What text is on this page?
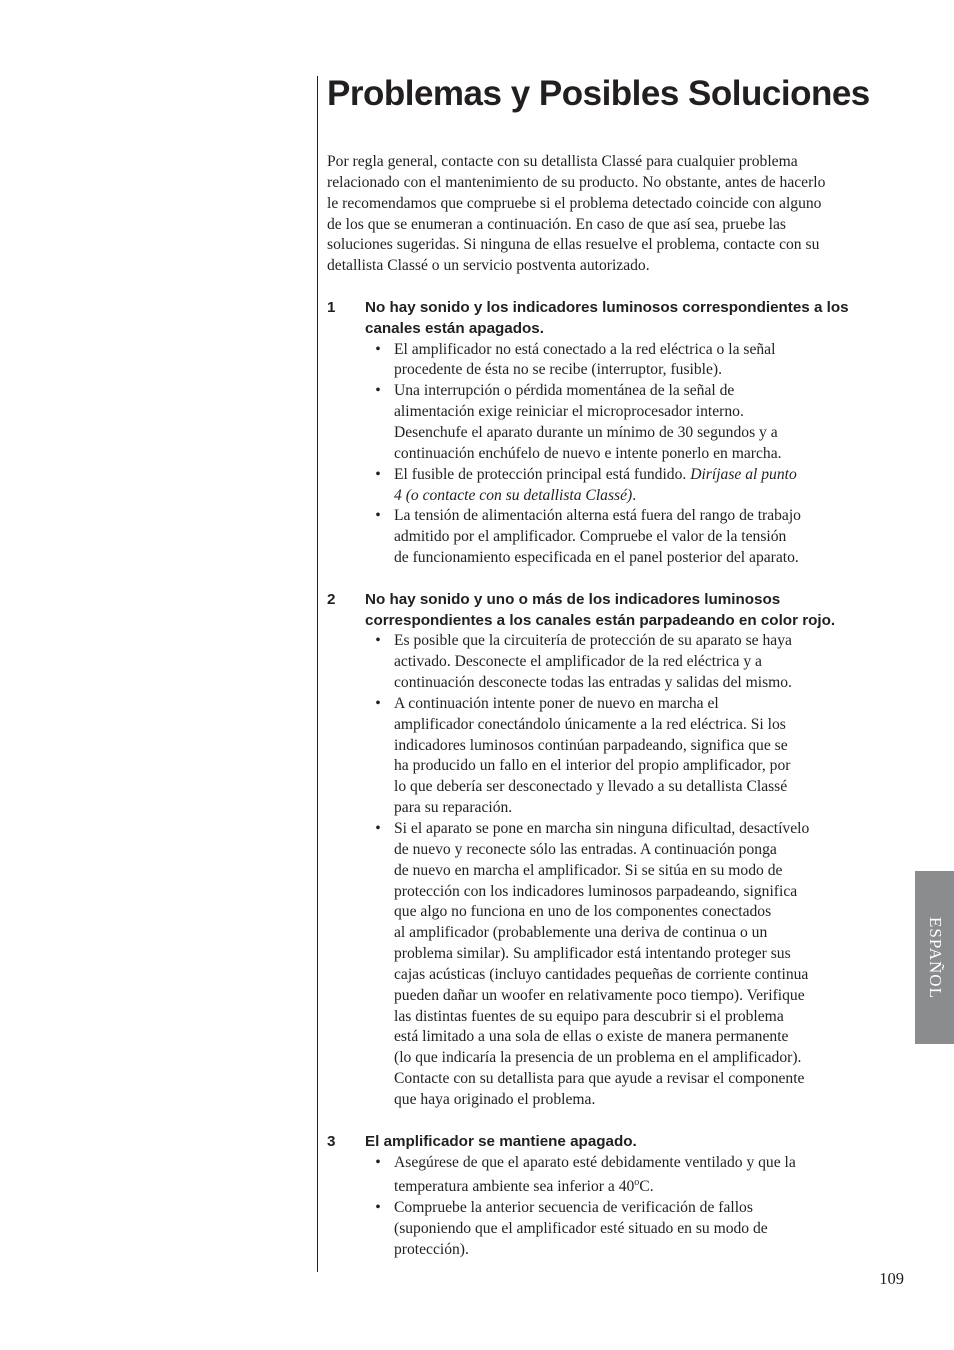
Problemas y Posibles Soluciones

Por regla general, contacte con su detallista Classé para cualquier problema
relacionado con el mantenimiento de su producto. No obstante, antes de hacerlo
le recomendamos que compruebe si el problema detectado coincide con alguno
de los que se enumeran a continuación. En caso de que así sea, pruebe las
soluciones sugeridas. Si ninguna de ellas resuelve el problema, contacte con su
detallista Classé o un servicio postventa autorizado.

1	No hay sonido y los indicadores luminosos correspondientes a los
canales están apagados.
• El amplificador no está conectado a la red eléctrica o la señal
procedente de ésta no se recibe (interruptor, fusible).
• Una interrupción o pérdida momentánea de la señal de
alimentación exige reiniciar el microprocesador interno.
Desenchufe el aparato durante un mínimo de 30 segundos y a
continuación enchúfelo de nuevo e intente ponerlo en marcha.
• El fusible de protección principal está fundido. Diríjase al punto
4 (o contacte con su detallista Classé).
• La tensión de alimentación alterna está fuera del rango de trabajo
admitido por el amplificador. Compruebe el valor de la tensión
de funcionamiento especificada en el panel posterior del aparato.
2	No hay sonido y uno o más de los indicadores luminosos
correspondientes a los canales están parpadeando en color rojo.
• Es posible que la circuitería de protección de su aparato se haya
activado. Desconecte el amplificador de la red eléctrica y a
continuación desconecte todas las entradas y salidas del mismo.
• A continuación intente poner de nuevo en marcha el
amplificador conectándolo únicamente a la red eléctrica. Si los
indicadores luminosos continúan parpadeando, significa que se
ha producido un fallo en el interior del propio amplificador, por
lo que debería ser desconectado y llevado a su detallista Classé
para su reparación.
• Si el aparato se pone en marcha sin ninguna dificultad, desactívelo
de nuevo y reconecte sólo las entradas. A continuación ponga
de nuevo en marcha el amplificador. Si se sitúa en su modo de
protección con los indicadores luminosos parpadeando, significa
que algo no funciona en uno de los componentes conectados
al amplificador (probablemente una deriva de continua o un
problema similar). Su amplificador está intentando proteger sus
cajas acústicas (incluyo cantidades pequeñas de corriente continua
pueden dañar un woofer en relativamente poco tiempo). Verifique
las distintas fuentes de su equipo para descubrir si el problema
está limitado a una sola de ellas o existe de manera permanente
(lo que indicaría la presencia de un problema en el amplificador).
Contacte con su detallista para que ayude a revisar el componente
que haya originado el problema.
3	El amplificador se mantiene apagado.
• Asegúrese de que el aparato esté debidamente ventilado y que la
temperatura ambiente sea inferior a 40$^o$C.
• Compruebe la anterior secuencia de verificación de fallos
(suponiendo que el amplificador esté situado en su modo de
protección).
ESPAÑOL
109
